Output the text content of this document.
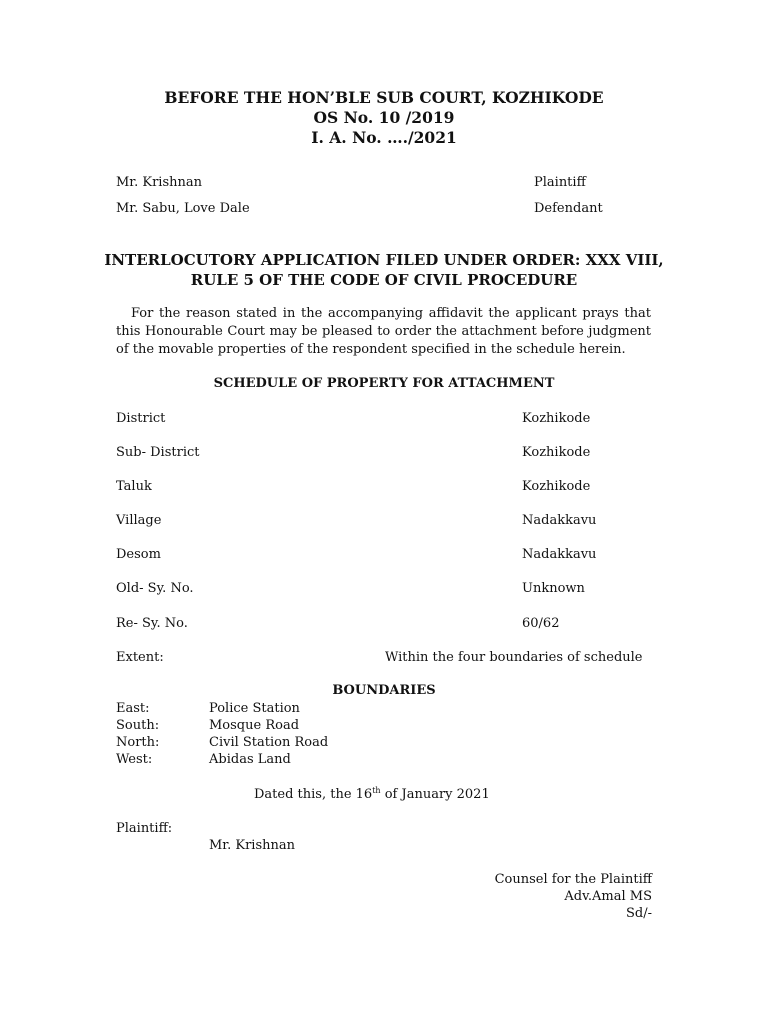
BEFORE THE HON’BLE SUB COURT, KOZHIKODE
OS No. 10 /2019
I. A. No. …./2021
Mr. Krishnan	Plaintiff
Mr. Sabu, Love Dale	Defendant
INTERLOCUTORY APPLICATION FILED UNDER ORDER: XXX VIII,
RULE 5 OF THE CODE OF CIVIL PROCEDURE
For the reason stated in the accompanying affidavit the applicant prays that this Honourable Court may be pleased to order the attachment before judgment of the movable properties of the respondent specified in the schedule herein.
SCHEDULE OF PROPERTY FOR ATTACHMENT
District	Kozhikode
Sub- District	Kozhikode
Taluk	Kozhikode
Village	Nadakkavu
Desom	Nadakkavu
Old- Sy. No.	Unknown
Re- Sy. No.	60/62
Extent:	Within the four boundaries of schedule
BOUNDARIES
East:	Police Station
South:	Mosque Road
North:	Civil Station Road
West:	Abidas Land
Dated this, the 16th of January 2021
Plaintiff:
Mr. Krishnan
Counsel for the Plaintiff
Adv.Amal MS
Sd/-
